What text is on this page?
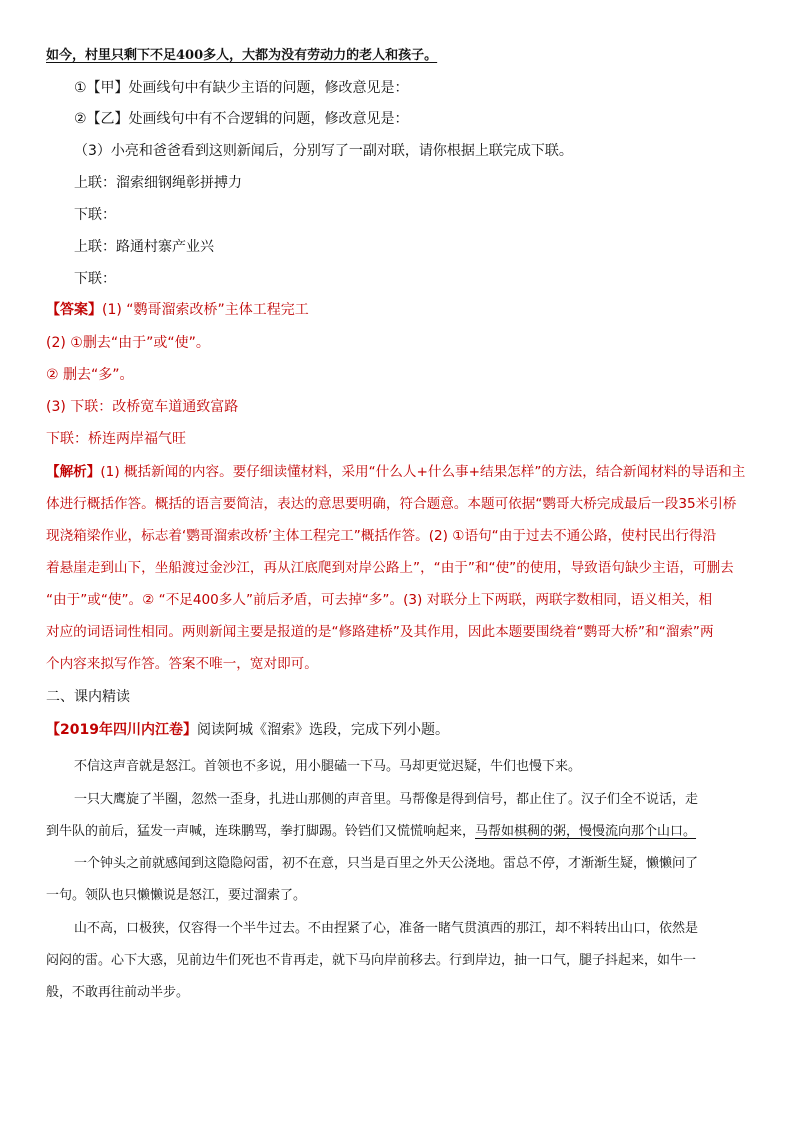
如今，村里只剩下不足400多人，大都为没有劳动力的老人和孩子。
①【甲】处画线句中有缺少主语的问题，修改意见是：
②【乙】处画线句中有不合逻辑的问题，修改意见是：
（3）小亮和爸爸看到这则新闻后，分别写了一副对联，请你根据上联完成下联。
上联：溜索细钢绳彰拼搏力
下联：
上联：路通村寨产业兴
下联：
【答案】(1) “鹦哥溜索改桥”主体工程完工
(2) ①删去“由于”或“使”。
② 删去“多”。
(3) 下联：改桥宽车道通致富路
下联：桥连两岸福气旺
【解析】(1) 概括新闻的内容。要仔细读懂材料，采用“什么人+什么事+结果怎样”的方法，结合新闻材料的导语和主
体进行概括作答。概括的语言要简洁，表达的意思要明确，符合题意。本题可依据“鹦哥大桥完成最后一段35米引桥
现浇箱梁作业，标志着‘鹦哥溜索改桥’主体工程完工”概括作答。(2) ①语句“由于过去不通公路，使村民出行得沿
着悬崖走到山下，坐船渡过金沙江，再从江底爬到对岸公路上”，“由于”和“使”的使用，导致语句缺少主语，可删去
“由于”或“使”。② “不足400多人”前后矛盾，可去掉“多”。(3) 对联分上下两联，两联字数相同，语义相关，相
对应的词语词性相同。两则新闻主要是报道的是“修路建桥”及其作用，因此本题要围绕着“鹦哥大桥”和“溜索”两
个内容来拟写作答。答案不唯一，宽对即可。
二、课内精读
【2019年四川内江卷】阅读阿城《溜索》选段，完成下列小题。
不信这声音就是怒江。首领也不多说，用小腿磕一下马。马却更觉迟疑，牛们也慢下来。
一只大鹰旋了半圈，忽然一歪身，扎进山那侧的声音里。马帮像是得到信号，都止住了。汉子们全不说话，走
到牛队的前后，猛发一声喊，连珠鹏骂，拳打脚踢。铃铛们又慌慌响起来，马帮如棋稠的粥，慢慢流向那个山口。
一个钟头之前就感闻到这隐隐闷雷，初不在意，只当是百里之外天公浇地。雷总不停，才渐渐生疑，懒懒问了
一句。领队也只懒懒说是怒江，要过溜索了。
山不高，口极狭，仅容得一个半牛过去。不由捏紧了心，准备一睹气贯滇西的那江，却不料转出山口，依然是
闷闷的雷。心下大惑，见前边牛们死也不肯再走，就下马向岸前移去。行到岸边，抽一口气，腿子抖起来，如牛一
般，不敢再往前动半步。
